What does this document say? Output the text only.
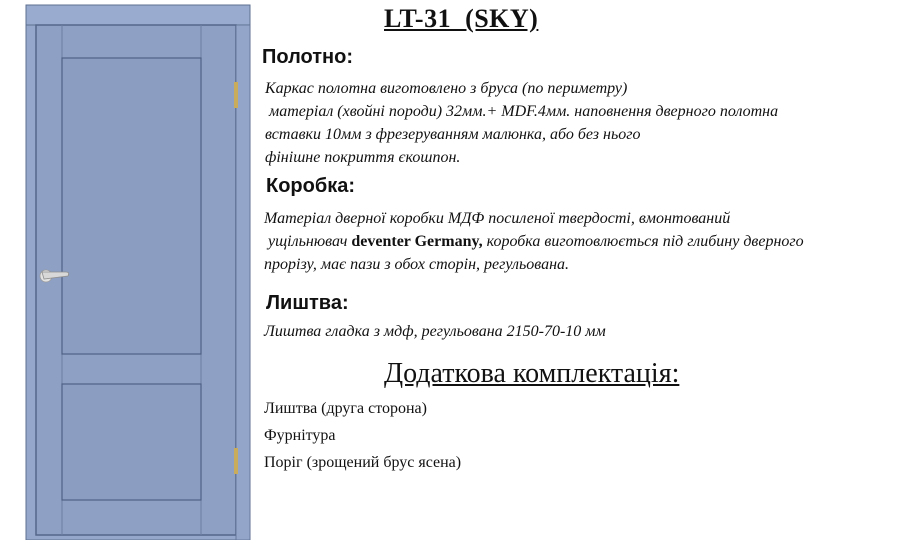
LT-31  (SKY)
Полотно:
Каркас полотна виготовлено з бруса (по периметру)
матеріал (хвойні породи) 32мм.+ MDF.4мм. наповнення дверного полотна
вставки 10мм з фрезеруванням малюнка, або без нього
фінішне покриття єкошпон.
Коробка:
Матеріал дверної коробки МДФ посиленої твердості, вмонтований
ущільнювач deventer Germany, коробка виготовлюється під глибину дверного
прорізу, має пази з обох сторін, регульована.
Лиштва:
Лиштва гладка з мдф, регульована 2150-70-10 мм
Додаткова комплектація:
Лиштва (друга сторона)
Фурнітура
Поріг (зрощений брус ясена)
